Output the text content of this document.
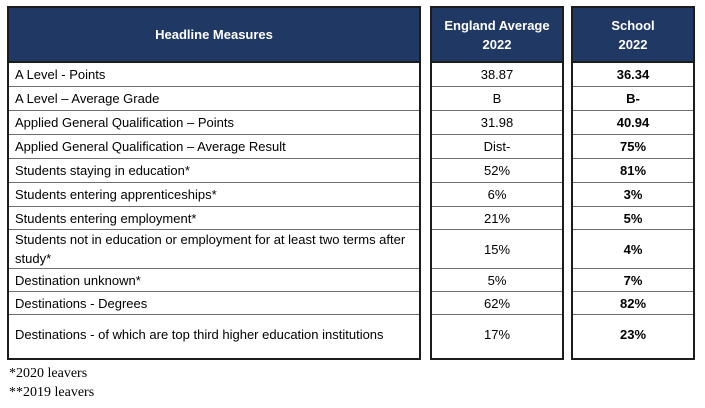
Headline Measures
A Level - Points
A Level – Average Grade
Applied General Qualification – Points
Applied General Qualification – Average Result
Students staying in education*
Students entering apprenticeships*
Students entering employment*
Students not in education or employment for at least two terms after study*
Destination unknown*
Destinations - Degrees
Destinations - of which are top third higher education institutions
England Average
2022
38.87
B
31.98
Dist-
52%
6%
21%
15%
5%
62%
17%
School
2022
36.34
B-
40.94
75%
81%
3%
5%
4%
7%
82%
23%
*2020 leavers
**2019 leavers
